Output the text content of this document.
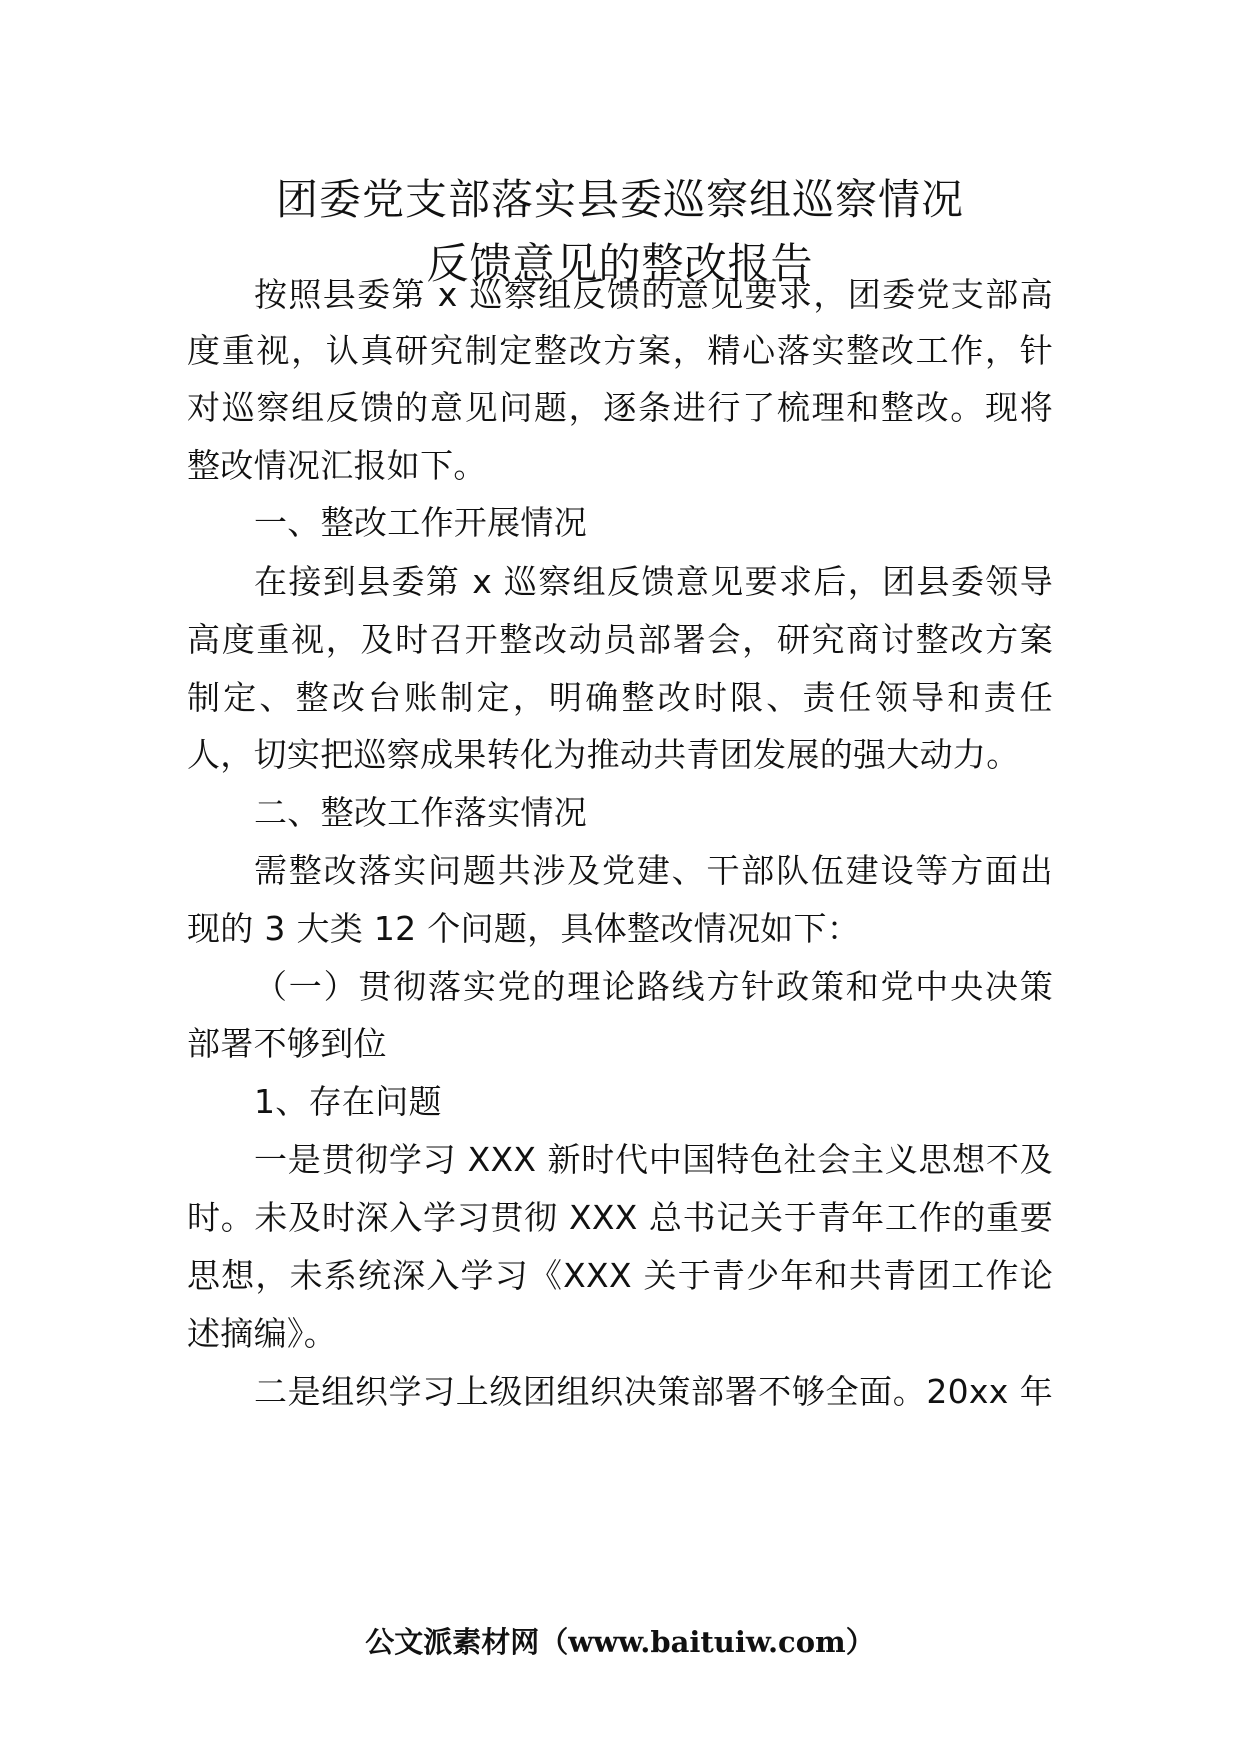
团委党支部落实县委巡察组巡察情况
反馈意见的整改报告
按照县委第 x 巡察组反馈的意见要求，团委党支部高
度重视，认真研究制定整改方案，精心落实整改工作，针
对巡察组反馈的意见问题，逐条进行了梳理和整改。现将
整改情况汇报如下。
一、整改工作开展情况
在接到县委第 x 巡察组反馈意见要求后，团县委领导
高度重视，及时召开整改动员部署会，研究商讨整改方案
制定、整改台账制定，明确整改时限、责任领导和责任
人，切实把巡察成果转化为推动共青团发展的强大动力。
二、整改工作落实情况
需整改落实问题共涉及党建、干部队伍建设等方面出
现的 3 大类 12 个问题，具体整改情况如下：
（一）贯彻落实党的理论路线方针政策和党中央决策
部署不够到位
1、存在问题
一是贯彻学习 XXX 新时代中国特色社会主义思想不及
时。未及时深入学习贯彻 XXX 总书记关于青年工作的重要
思想，未系统深入学习《XXX 关于青少年和共青团工作论
述摘编》。
二是组织学习上级团组织决策部署不够全面。20xx 年
公文派素材网（www.baituiw.com）
